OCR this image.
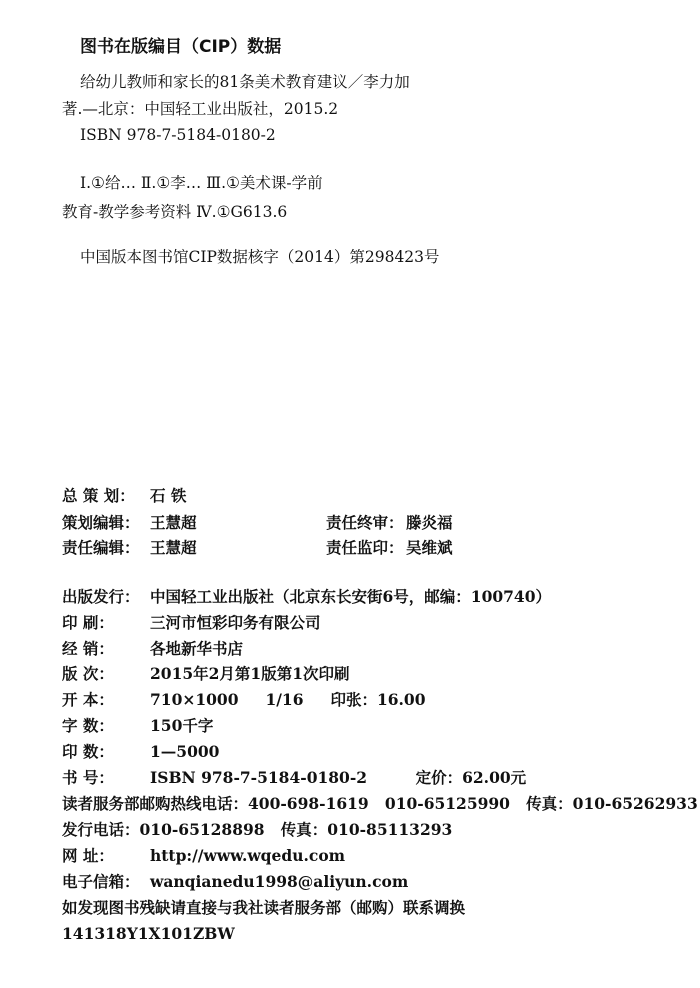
图书在版编目（CIP）数据
给幼儿教师和家长的81条美术教育建议／李力加
著.—北京：中国轻工业出版社，2015.2
ISBN 978-7-5184-0180-2
Ⅰ.①给… Ⅱ.①李… Ⅲ.①美术课-学前
教育-教学参考资料 Ⅳ.①G613.6
中国版本图书馆CIP数据核字（2014）第298423号
总 策 划： 石 铁
策划编辑： 王慧超	责任终审： 滕炎福
责任编辑： 王慧超	责任监印： 吴维斌
出版发行： 中国轻工业出版社（北京东长安街6号，邮编：100740）
印 刷： 三河市恒彩印务有限公司
经 销： 各地新华书店
版 次： 2015年2月第1版第1次印刷
开 本： 710×1000     1/16     印张：16.00
字 数： 150千字
印 数： 1—5000
书 号： ISBN 978-7-5184-0180-2         定价：62.00元
读者服务部邮购热线电话：400-698-1619   010-65125990   传真：010-65262933
发行电话：010-65128898   传真：010-85113293
网 址： http://www.wqedu.com
电子信箱： wanqianedu1998@aliyun.com
如发现图书残缺请直接与我社读者服务部（邮购）联系调换
141318Y1X101ZBW
